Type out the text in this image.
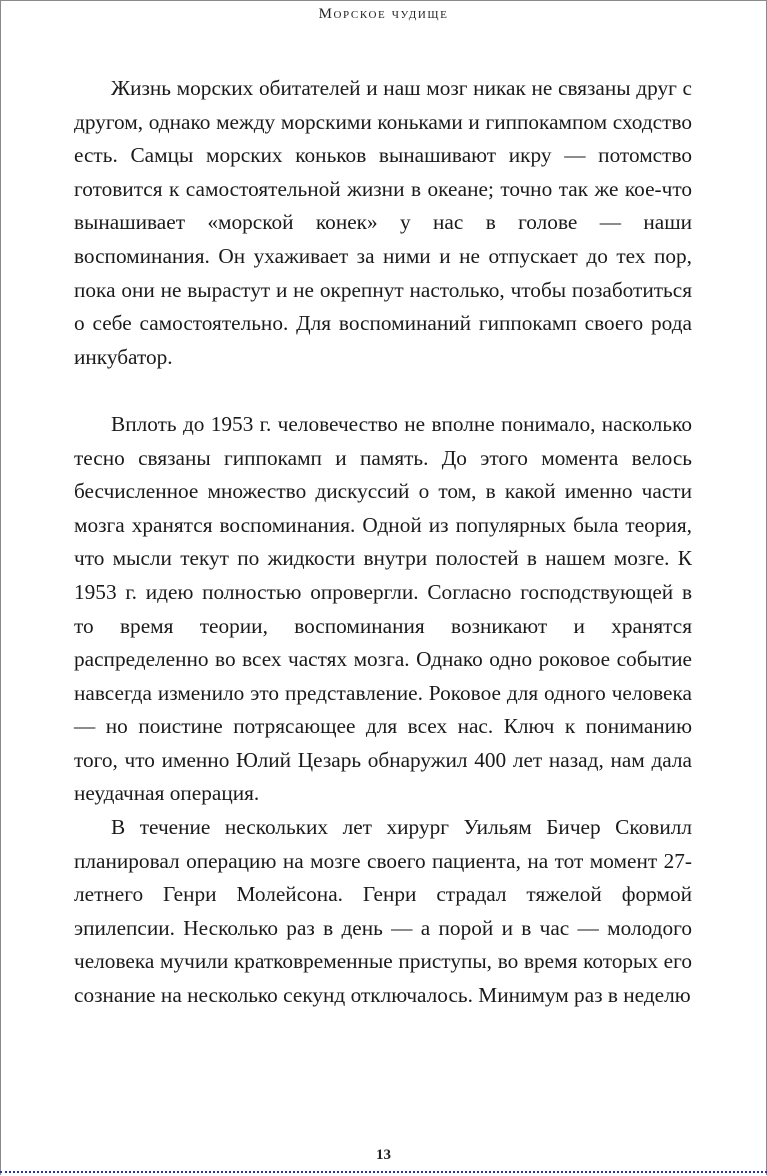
Морское чудище

Жизнь морских обитателей и наш мозг никак не связаны друг с другом, однако между морскими коньками и гиппокампом сходство есть. Самцы морских коньков вынашивают икру — потомство готовится к самостоятельной жизни в океане; точно так же кое-что вынашивает «морской конек» у нас в голове — наши воспоминания. Он ухаживает за ними и не отпускает до тех пор, пока они не вырастут и не окрепнут настолько, чтобы позаботиться о себе самостоятельно. Для воспоминаний гиппокамп своего рода инкубатор.

Вплоть до 1953 г. человечество не вполне понимало, насколько тесно связаны гиппокамп и память. До этого момента велось бесчисленное множество дискуссий о том, в какой именно части мозга хранятся воспоминания. Одной из популярных была теория, что мысли текут по жидкости внутри полостей в нашем мозге. К 1953 г. идею полностью опровергли. Согласно господствующей в то время теории, воспоминания возникают и хранятся распределенно во всех частях мозга. Однако одно роковое событие навсегда изменило это представление. Роковое для одного человека — но поистине потрясающее для всех нас. Ключ к пониманию того, что именно Юлий Цезарь обнаружил 400 лет назад, нам дала неудачная операция.

В течение нескольких лет хирург Уильям Бичер Сковилл планировал операцию на мозге своего пациента, на тот момент 27-летнего Генри Молейсона. Генри страдал тяжелой формой эпилепсии. Несколько раз в день — а порой и в час — молодого человека мучили кратковременные приступы, во время которых его сознание на несколько секунд отключалось. Минимум раз в неделю

13
